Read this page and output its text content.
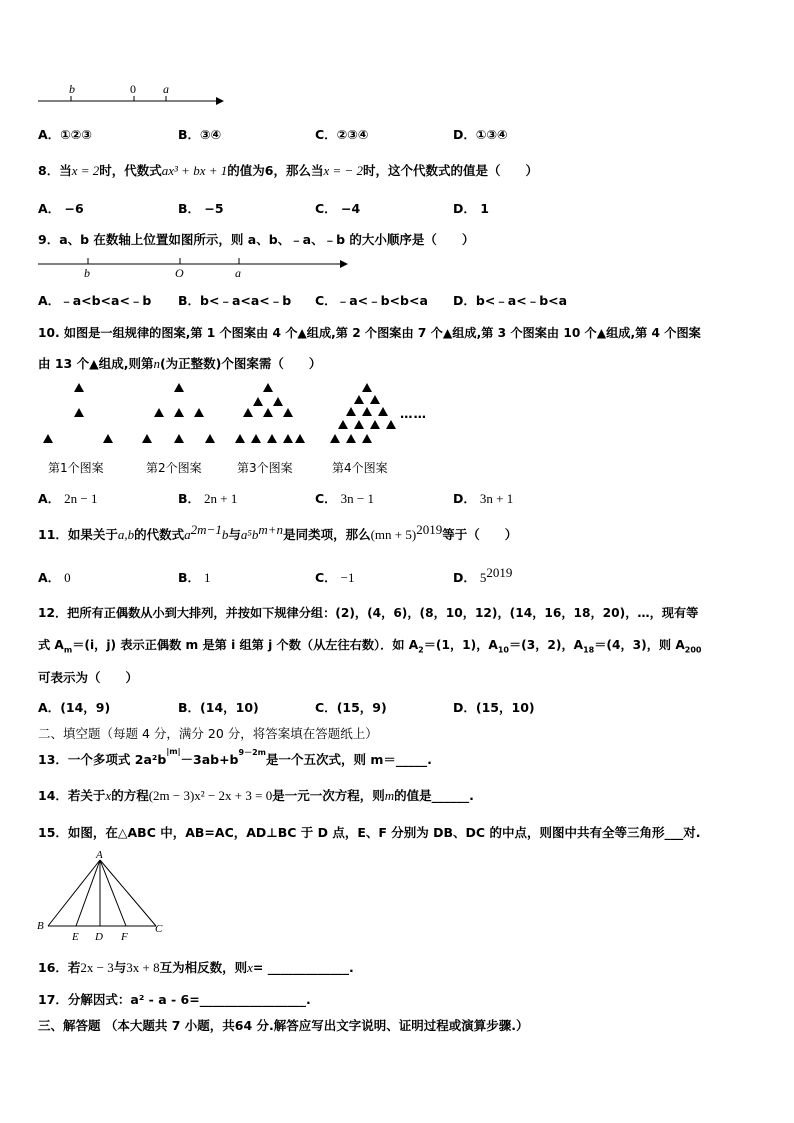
b	0 a
A．①②③	B．③④	C．②③④	D．①③④
8．当x = 2时，代数式ax³ + bx + 1的值为6，那么当x = − 2时，这个代数式的值是（　　）
A． −6	B． −5	C． −4	D． 1
9．a、b 在数轴上位置如图所示，则 a、b、﹣a、﹣b 的大小顺序是（　　）
b	O	a
A．﹣a<b<a<﹣b B．b<﹣a<a<﹣b C．﹣a<﹣b<b<a D．b<﹣a<﹣b<a
10. 如图是一组规律的图案,第 1 个图案由 4 个▲组成,第 2 个图案由 7 个▲组成,第 3 个图案由 10 个▲组成,第 4 个图案
由 13 个▲组成,则第n(为正整数)个图案需（　　）
第1个图案	第2个图案	第3个图案	第4个图案
……
A． 2n − 1	B． 2n + 1	C． 3n − 1	D． 3n + 1
11．如果关于a,b的代数式$a^{2m-1}b$与$a^5b^{m+n}$是同类项，那么(mn + 5)$^{2019}$等于（　　）
A． 0	B． 1	C． −1	D． $5^{2019}$
12．把所有正偶数从小到大排列，并按如下规律分组：(2)，(4，6)，(8，10，12)，(14，16，18，20)，…，现有等
式 $A_m=(i$，j) 表示正偶数 m 是第 i 组第 j 个数（从左往右数）．如 $A_2=(1$，1)，$A_{10}=(3$，2)，$A_{18}=(4$，3)，则 $A_{200}$
可表示为（　　）
A．(14，9)	B．(14，10)	C．(15，9)	D．(15，10)
二、填空题（每题 4 分，满分 20 分，将答案填在答题纸上）
13．一个多项式 $2a^2b^{|m|}-3ab+b^{9-2m}$是一个五次式，则 m＝_____.
14．若关于x的方程(2m − 3)x² − 2x + 3 = 0是一元一次方程，则m的值是______.
15．如图，在△ABC 中，AB=AC，AD⊥BC 于 D 点，E、F 分别为 DB、DC 的中点，则图中共有全等三角形___对.
A
B
E D F
C
16．若2x − 3与3x + 8互为相反数，则x= _____________.
17．分解因式：a² - a - 6=_________________.
三、解答题 （本大题共 7 小题，共64 分.解答应写出文字说明、证明过程或演算步骤.）
